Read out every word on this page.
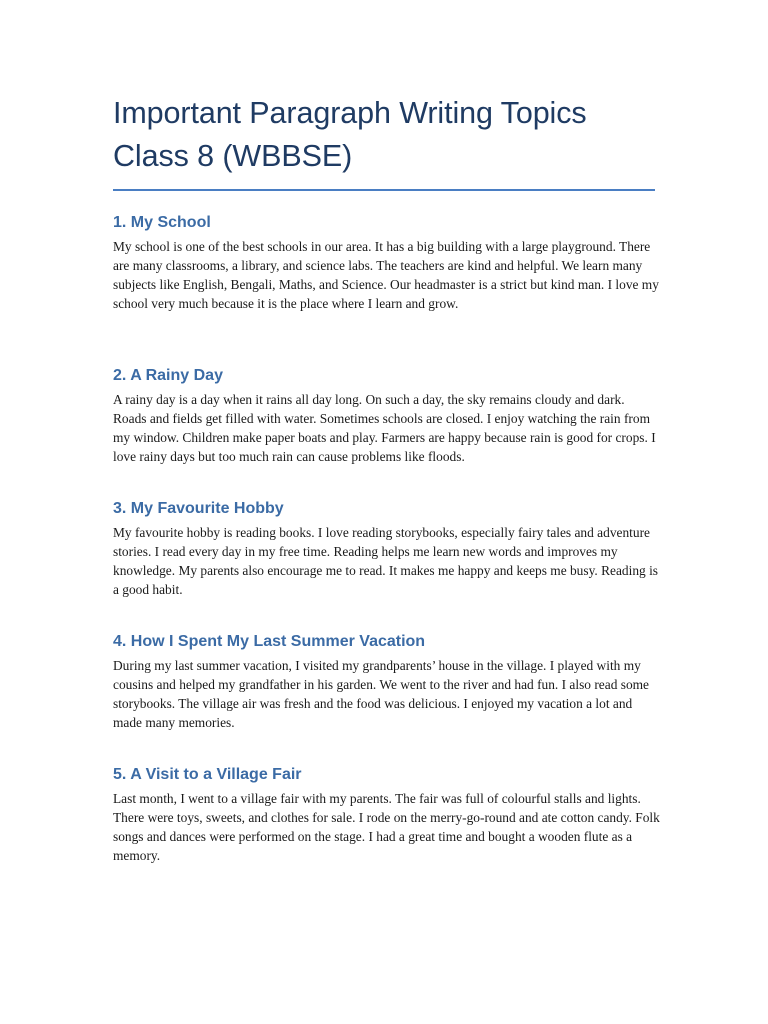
Important Paragraph Writing Topics
Class 8 (WBBSE)
1. My School

My school is one of the best schools in our area. It has a big building with a large playground. There are many classrooms, a library, and science labs. The teachers are kind and helpful. We learn many subjects like English, Bengali, Maths, and Science. Our headmaster is a strict but kind man. I love my school very much because it is the place where I learn and grow.

2. A Rainy Day

A rainy day is a day when it rains all day long. On such a day, the sky remains cloudy and dark. Roads and fields get filled with water. Sometimes schools are closed. I enjoy watching the rain from my window. Children make paper boats and play. Farmers are happy because rain is good for crops. I love rainy days but too much rain can cause problems like floods.

3. My Favourite Hobby

My favourite hobby is reading books. I love reading storybooks, especially fairy tales and adventure stories. I read every day in my free time. Reading helps me learn new words and improves my knowledge. My parents also encourage me to read. It makes me happy and keeps me busy. Reading is a good habit.

4. How I Spent My Last Summer Vacation

During my last summer vacation, I visited my grandparents’ house in the village. I played with my cousins and helped my grandfather in his garden. We went to the river and had fun. I also read some storybooks. The village air was fresh and the food was delicious. I enjoyed my vacation a lot and made many memories.

5. A Visit to a Village Fair

Last month, I went to a village fair with my parents. The fair was full of colourful stalls and lights. There were toys, sweets, and clothes for sale. I rode on the merry-go-round and ate cotton candy. Folk songs and dances were performed on the stage. I had a great time and bought a wooden flute as a memory.
